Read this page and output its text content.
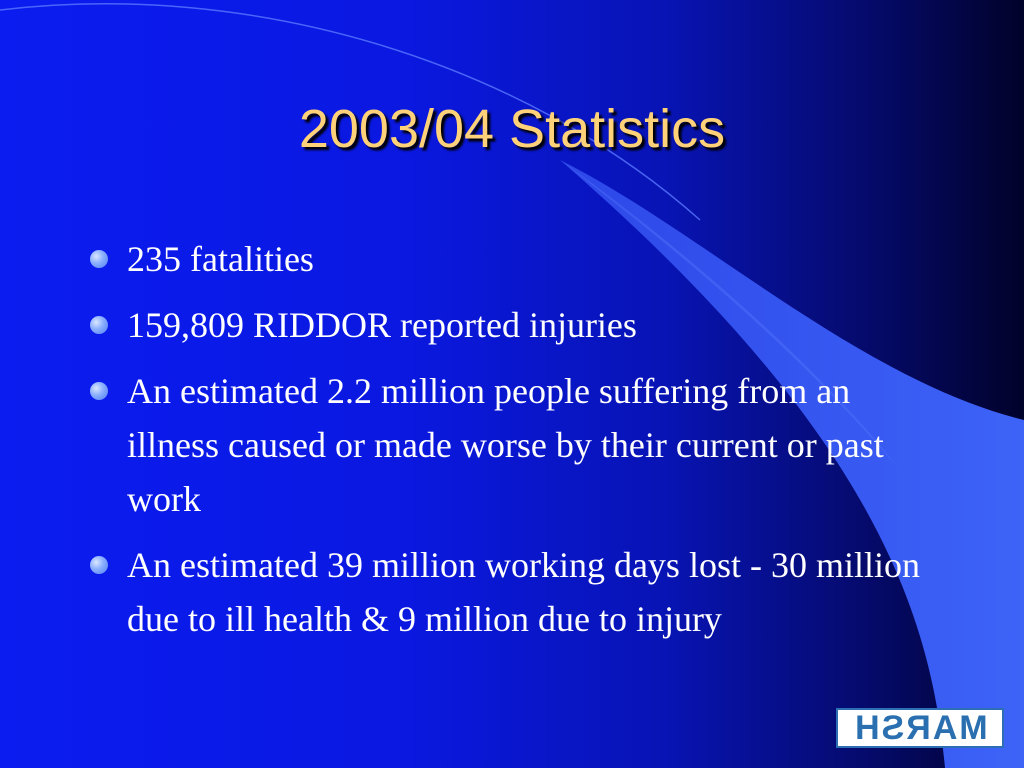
2003/04 Statistics
235 fatalities
159,809 RIDDOR reported injuries
An estimated 2.2 million people suffering from an illness caused or made worse by their current or past work
An estimated 39 million working days lost - 30 million due to ill health & 9 million due to injury
MARSH
